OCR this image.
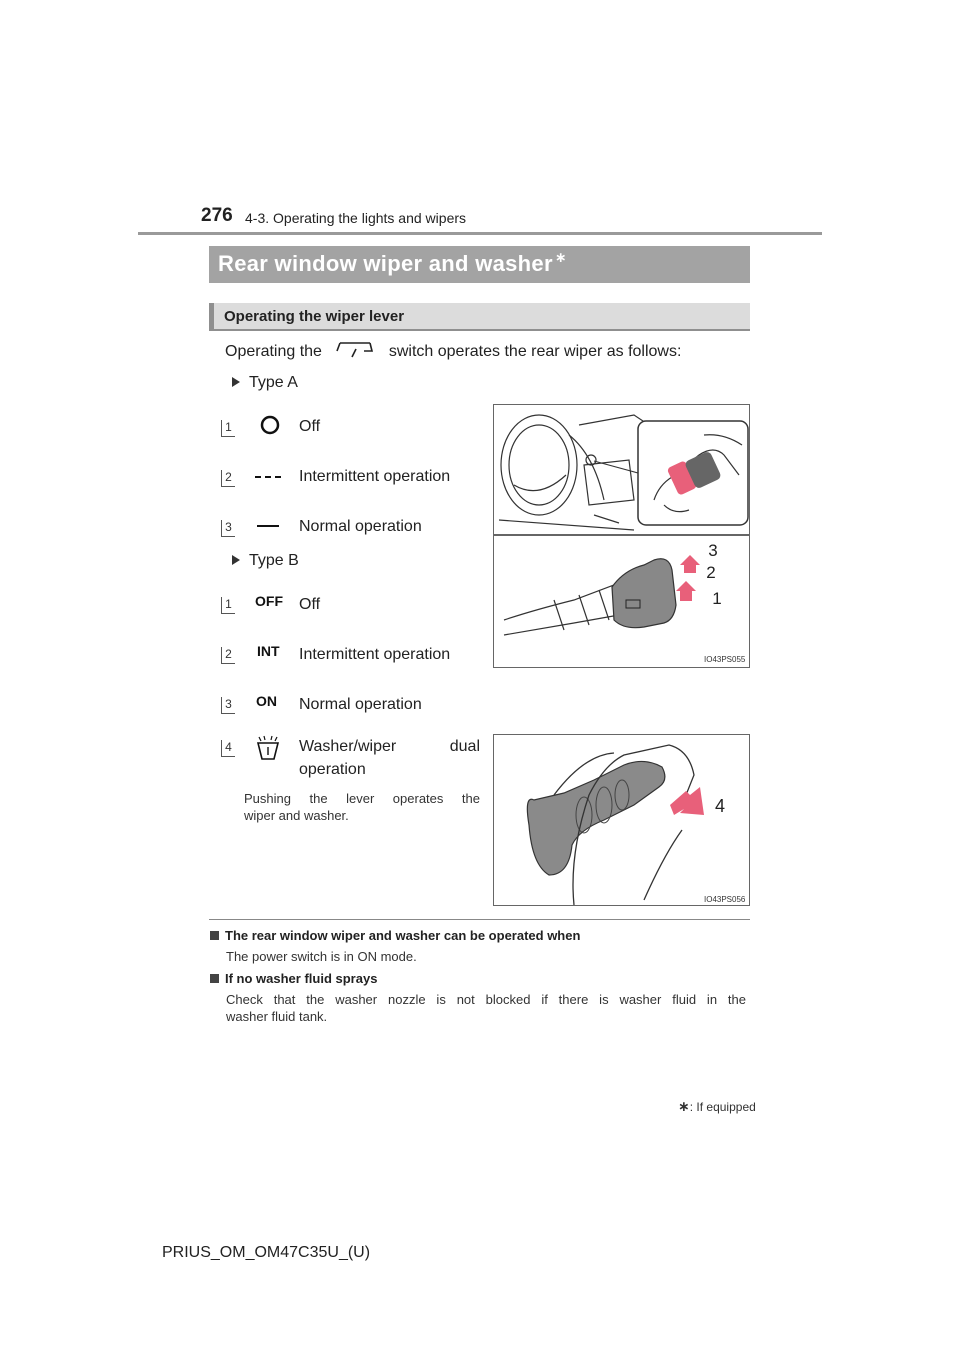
276 4-3. Operating the lights and wipers
Rear window wiper and washer ∗
Operating the wiper lever
Operating the	switch operates the rear wiper as follows:
Type A
1	Off
2	Intermittent operation
3	Normal operation
Type B
1 OFF Off
2 INT Intermittent operation
3 ON Normal operation
4	Washer/wiper dual
operation
Pushing the lever operates the
wiper and washer.
3
2
1
IO43PS055
4
IO43PS056
The rear window wiper and washer can be operated when
The power switch is in ON mode.
If no washer fluid sprays
Check that the washer nozzle is not blocked if there is washer fluid in the
washer fluid tank.
∗: If equipped
PRIUS_OM_OM47C35U_(U)
